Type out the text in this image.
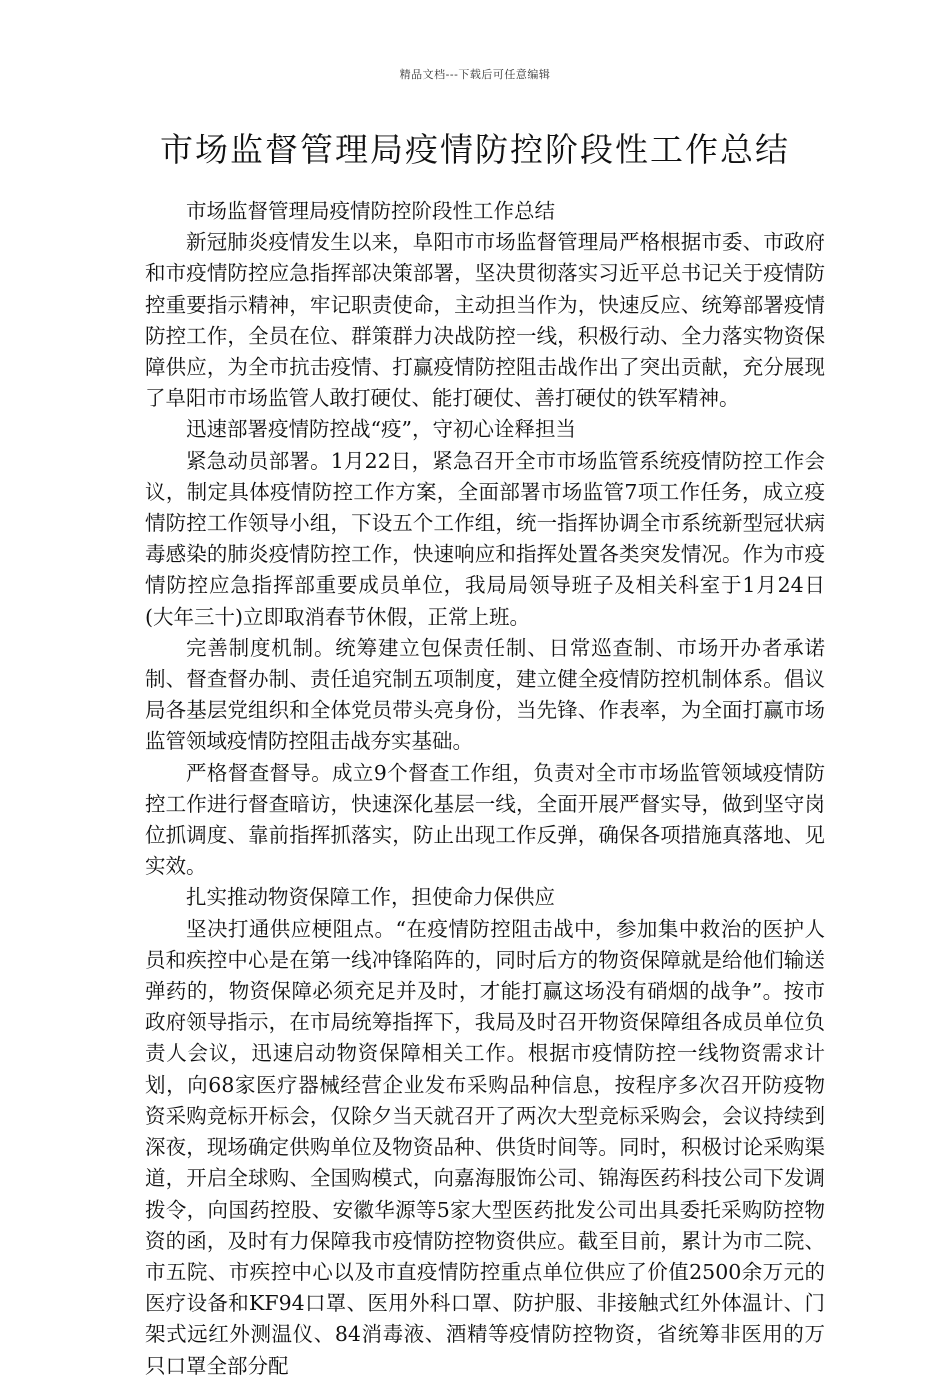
精品文档---下载后可任意编辑
市场监督管理局疫情防控阶段性工作总结

市场监督管理局疫情防控阶段性工作总结

新冠肺炎疫情发生以来，阜阳市市场监督管理局严格根据市委、市政府和市疫情防控应急指挥部决策部署，坚决贯彻落实习近平总书记关于疫情防控重要指示精神，牢记职责使命，主动担当作为，快速反应、统筹部署疫情防控工作，全员在位、群策群力决战防控一线，积极行动、全力落实物资保障供应，为全市抗击疫情、打赢疫情防控阻击战作出了突出贡献，充分展现了阜阳市市场监管人敢打硬仗、能打硬仗、善打硬仗的铁军精神。

迅速部署疫情防控战“疫”，守初心诠释担当

紧急动员部署。1月22日，紧急召开全市市场监管系统疫情防控工作会议，制定具体疫情防控工作方案，全面部署市场监管7项工作任务，成立疫情防控工作领导小组，下设五个工作组，统一指挥协调全市系统新型冠状病毒感染的肺炎疫情防控工作，快速响应和指挥处置各类突发情况。作为市疫情防控应急指挥部重要成员单位，我局局领导班子及相关科室于1月24日(大年三十)立即取消春节休假，正常上班。

完善制度机制。统筹建立包保责任制、日常巡查制、市场开办者承诺制、督查督办制、责任追究制五项制度，建立健全疫情防控机制体系。倡议局各基层党组织和全体党员带头亮身份，当先锋、作表率，为全面打赢市场监管领域疫情防控阻击战夯实基础。

严格督查督导。成立9个督查工作组，负责对全市市场监管领域疫情防控工作进行督查暗访，快速深化基层一线，全面开展严督实导，做到坚守岗位抓调度、靠前指挥抓落实，防止出现工作反弹，确保各项措施真落地、见实效。

扎实推动物资保障工作，担使命力保供应

坚决打通供应梗阻点。“在疫情防控阻击战中，参加集中救治的医护人员和疾控中心是在第一线冲锋陷阵的，同时后方的物资保障就是给他们输送弹药的，物资保障必须充足并及时，才能打赢这场没有硝烟的战争”。按市政府领导指示，在市局统筹指挥下，我局及时召开物资保障组各成员单位负责人会议，迅速启动物资保障相关工作。根据市疫情防控一线物资需求计划，向68家医疗器械经营企业发布采购品种信息，按程序多次召开防疫物资采购竞标开标会，仅除夕当天就召开了两次大型竞标采购会，会议持续到深夜，现场确定供购单位及物资品种、供货时间等。同时，积极讨论采购渠道，开启全球购、全国购模式，向嘉海服饰公司、锦海医药科技公司下发调拨令，向国药控股、安徽华源等5家大型医药批发公司出具委托采购防控物资的函，及时有力保障我市疫情防控物资供应。截至目前，累计为市二院、市五院、市疾控中心以及市直疫情防控重点单位供应了价值2500余万元的医疗设备和KF94口罩、医用外科口罩、防护服、非接触式红外体温计、门架式远红外测温仪、84消毒液、酒精等疫情防控物资，省统筹非医用的万只口罩全部分配
